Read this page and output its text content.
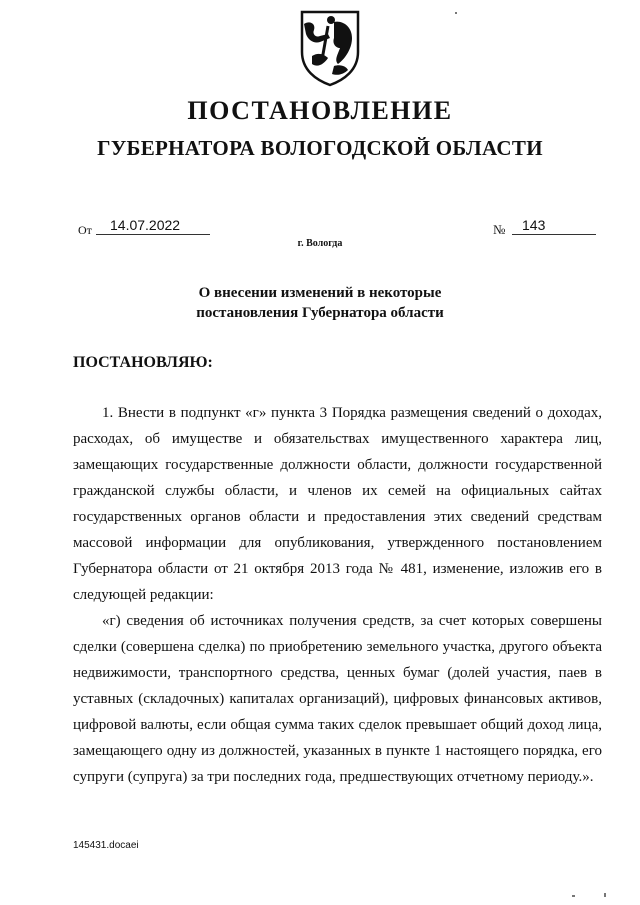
ПОСТАНОВЛЕНИЕ
ГУБЕРНАТОРА ВОЛОГОДСКОЙ ОБЛАСТИ
От	14.07.2022	№	143
г. Вологда
О внесении изменений в некоторые
постановления Губернатора области
ПОСТАНОВЛЯЮ:

1. Внести в подпункт «г» пункта 3 Порядка размещения сведений о доходах, расходах, об имуществе и обязательствах имущественного характера лиц, замещающих государственные должности области, должности государственной гражданской службы области, и членов их семей на официальных сайтах государственных органов области и предоставления этих сведений средствам массовой информации для опубликования, утвержденного постановлением Губернатора области от 21 октября 2013 года № 481, изменение, изложив его в следующей редакции:

«г) сведения об источниках получения средств, за счет которых совершены сделки (совершена сделка) по приобретению земельного участка, другого объекта недвижимости, транспортного средства, ценных бумаг (долей участия, паев в уставных (складочных) капиталах организаций), цифровых финансовых активов, цифровой валюты, если общая сумма таких сделок превышает общий доход лица, замещающего одну из должностей, указанных в пункте 1 настоящего порядка, его супруги (супруга) за три последних года, предшествующих отчетному периоду.».

145431.docaei
